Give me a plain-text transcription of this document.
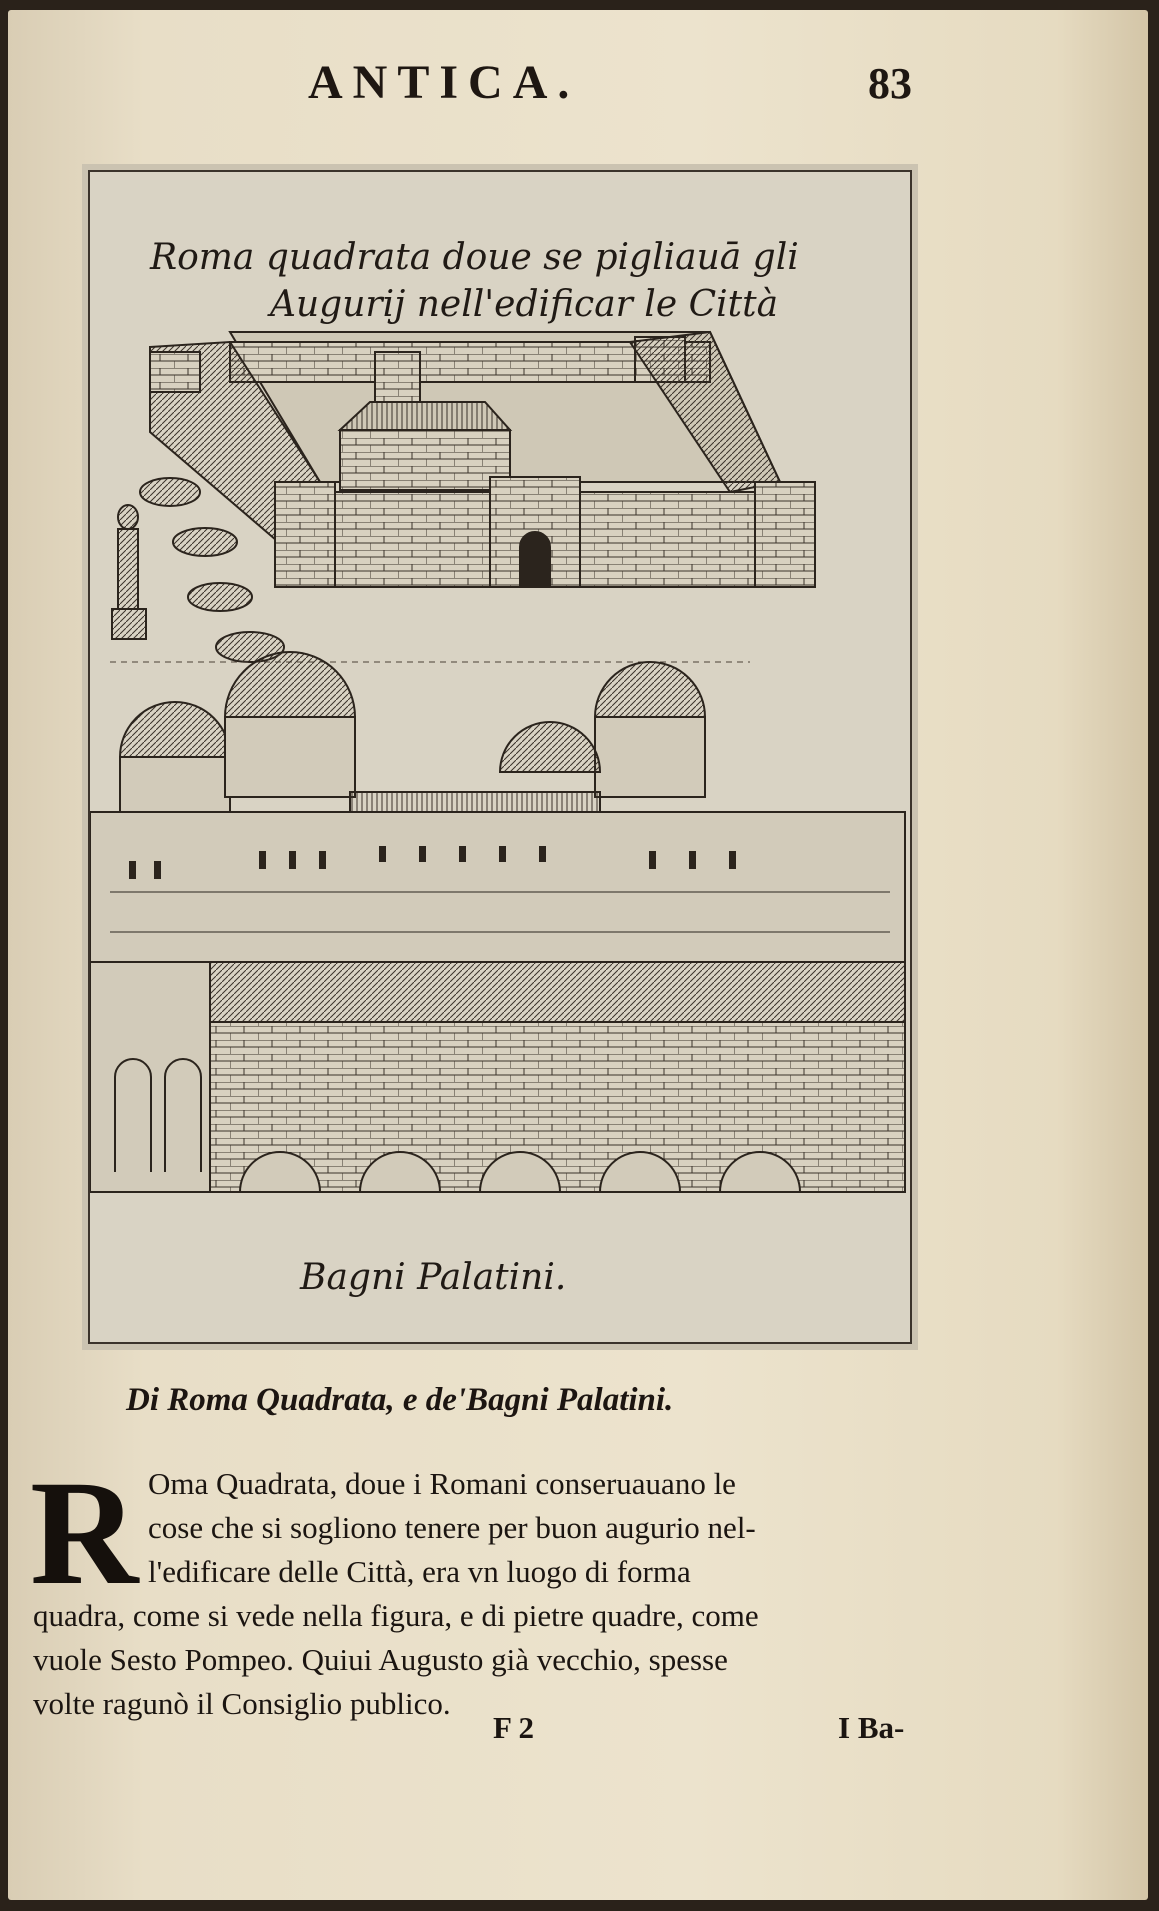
ANTICA.	83
Roma quadrata doue se pigliauā gli
Augurij nell'edificar le Città
Bagni Palatini.
Di Roma Quadrata, e de'Bagni Palatini.
R Oma Quadrata, doue i Romani conseruauano le
cose che si sogliono tenere per buon augurio nel-
l'edificare delle Città, era vn luogo di forma
quadra, come si vede nella figura, e di pietre quadre, come
vuole Sesto Pompeo. Quiui Augusto già vecchio, spesse
volte ragunò il Consiglio publico.
F 2	I Ba-
